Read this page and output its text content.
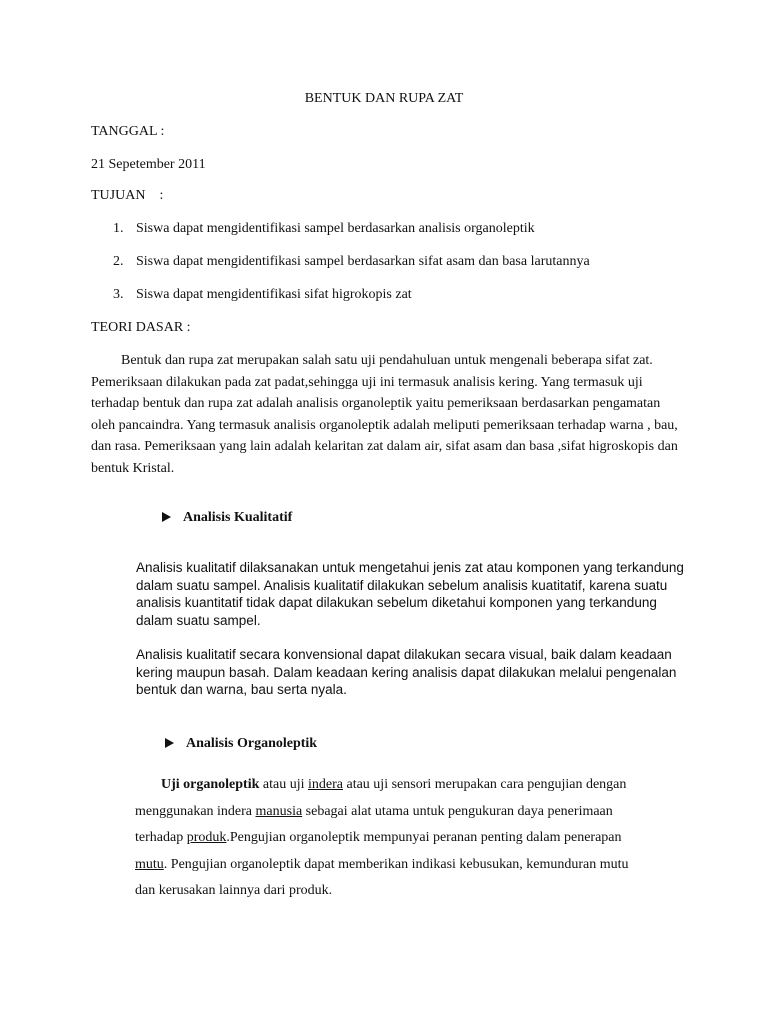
BENTUK DAN RUPA ZAT
TANGGAL :
21 Sepetember 2011
TUJUAN    :
1. Siswa dapat mengidentifikasi sampel berdasarkan analisis organoleptik
2. Siswa dapat mengidentifikasi sampel berdasarkan sifat asam dan basa larutannya
3. Siswa dapat mengidentifikasi sifat higrokopis zat
TEORI DASAR :
Bentuk dan rupa zat merupakan salah satu uji pendahuluan untuk mengenali beberapa sifat zat. Pemeriksaan dilakukan pada zat padat,sehingga uji ini termasuk analisis kering. Yang termasuk uji terhadap bentuk dan rupa zat adalah analisis organoleptik yaitu pemeriksaan berdasarkan pengamatan oleh pancaindra. Yang termasuk analisis organoleptik adalah meliputi pemeriksaan terhadap warna , bau, dan rasa. Pemeriksaan yang lain adalah kelaritan zat dalam air, sifat asam dan basa ,sifat higroskopis dan bentuk Kristal.
Analisis Kualitatif
Analisis kualitatif dilaksanakan untuk mengetahui jenis zat atau komponen yang terkandung dalam suatu sampel. Analisis kualitatif dilakukan sebelum analisis kuatitatif, karena suatu analisis kuantitatif tidak dapat dilakukan sebelum diketahui komponen yang terkandung dalam suatu sampel.
Analisis kualitatif secara konvensional dapat dilakukan secara visual, baik dalam keadaan kering maupun basah. Dalam keadaan kering analisis dapat dilakukan melalui pengenalan bentuk dan warna, bau serta nyala.
Analisis Organoleptik
Uji organoleptik atau uji indera atau uji sensori merupakan cara pengujian dengan
menggunakan indera manusia sebagai alat utama untuk pengukuran daya penerimaan
terhadap produk.Pengujian organoleptik mempunyai peranan penting dalam penerapan
mutu. Pengujian organoleptik dapat memberikan indikasi kebusukan, kemunduran mutu
dan kerusakan lainnya dari produk.
